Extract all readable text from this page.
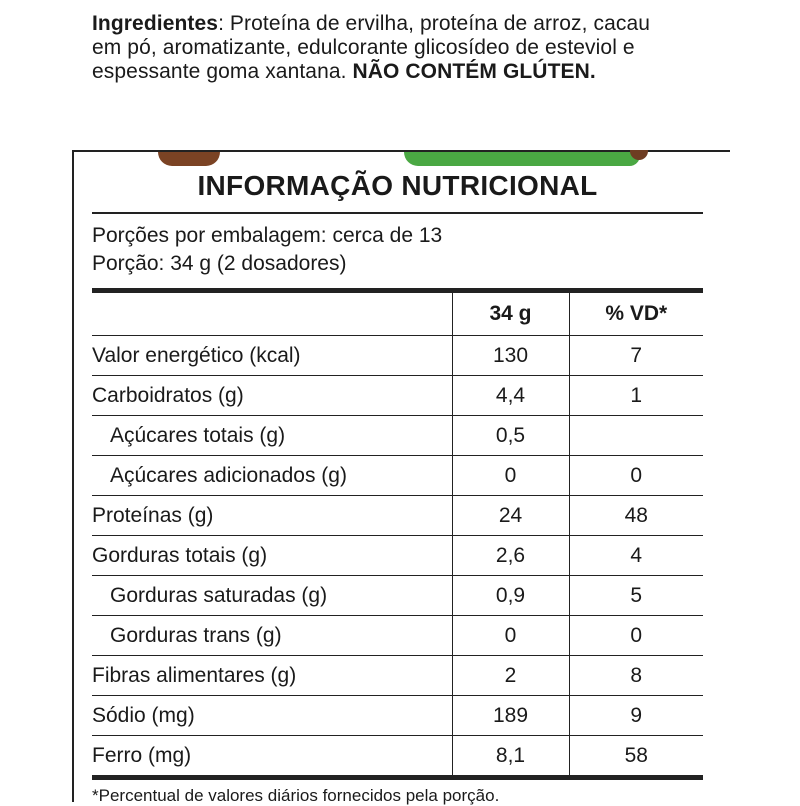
Ingredientes: Proteína de ervilha, proteína de arroz, cacau em pó, aromatizante, edulcorante glicosídeo de esteviol e espessante goma xantana. NÃO CONTÉM GLÚTEN.
INFORMAÇÃO NUTRICIONAL
Porções por embalagem: cerca de 13
Porção: 34 g (2 dosadores)
	34 g	% VD*
Valor energético (kcal)	130	7
Carboidratos (g)	4,4	1
Açúcares totais (g)	0,5	
Açúcares adicionados (g)	0	0
Proteínas (g)	24	48
Gorduras totais (g)	2,6	4
Gorduras saturadas (g)	0,9	5
Gorduras trans (g)	0	0
Fibras alimentares (g)	2	8
Sódio (mg)	189	9
Ferro (mg)	8,1	58
*Percentual de valores diários fornecidos pela porção.
